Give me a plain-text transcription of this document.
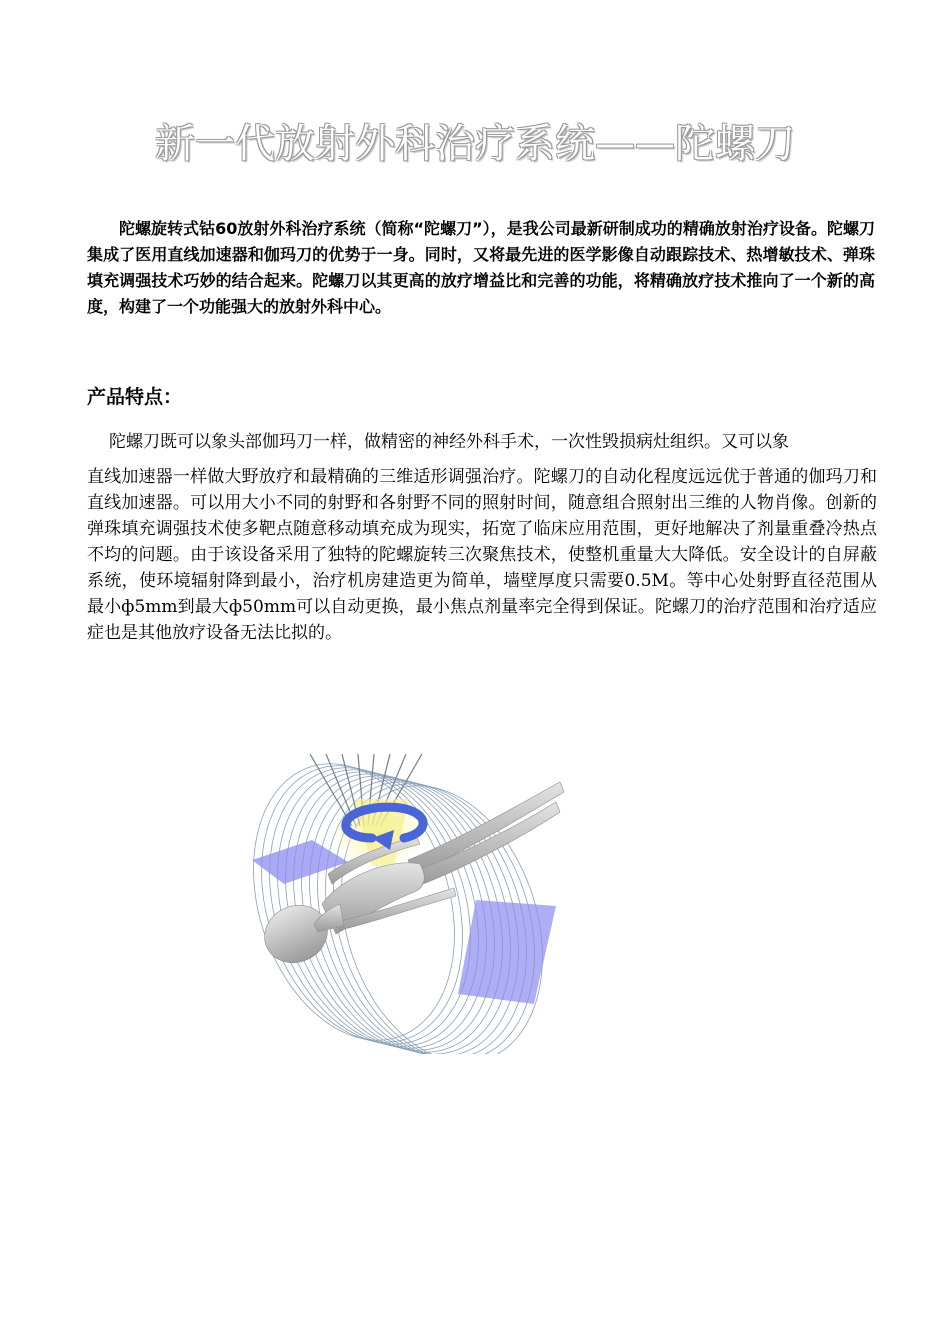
新一代放射外科治疗系统——陀螺刀

陀螺旋转式钴60放射外科治疗系统（简称“陀螺刀”），是我公司最新研制成功的精确放射治疗设备。陀螺刀集成了医用直线加速器和伽玛刀的优势于一身。同时，又将最先进的医学影像自动跟踪技术、热增敏技术、弹珠填充调强技术巧妙的结合起来。陀螺刀以其更高的放疗增益比和完善的功能，将精确放疗技术推向了一个新的高度，构建了一个功能强大的放射外科中心。

产品特点：

陀螺刀既可以象头部伽玛刀一样，做精密的神经外科手术，一次性毁损病灶组织。又可以象

直线加速器一样做大野放疗和最精确的三维适形调强治疗。陀螺刀的自动化程度远远优于普通的伽玛刀和直线加速器。可以用大小不同的射野和各射野不同的照射时间，随意组合照射出三维的人物肖像。创新的弹珠填充调强技术使多靶点随意移动填充成为现实，拓宽了临床应用范围，更好地解决了剂量重叠冷热点不均的问题。由于该设备采用了独特的陀螺旋转三次聚焦技术，使整机重量大大降低。安全设计的自屏蔽系统，使环境辐射降到最小，治疗机房建造更为简单，墙壁厚度只需要0.5M。等中心处射野直径范围从最小ф5mm到最大ф50mm可以自动更换，最小焦点剂量率完全得到保证。陀螺刀的治疗范围和治疗适应症也是其他放疗设备无法比拟的。
